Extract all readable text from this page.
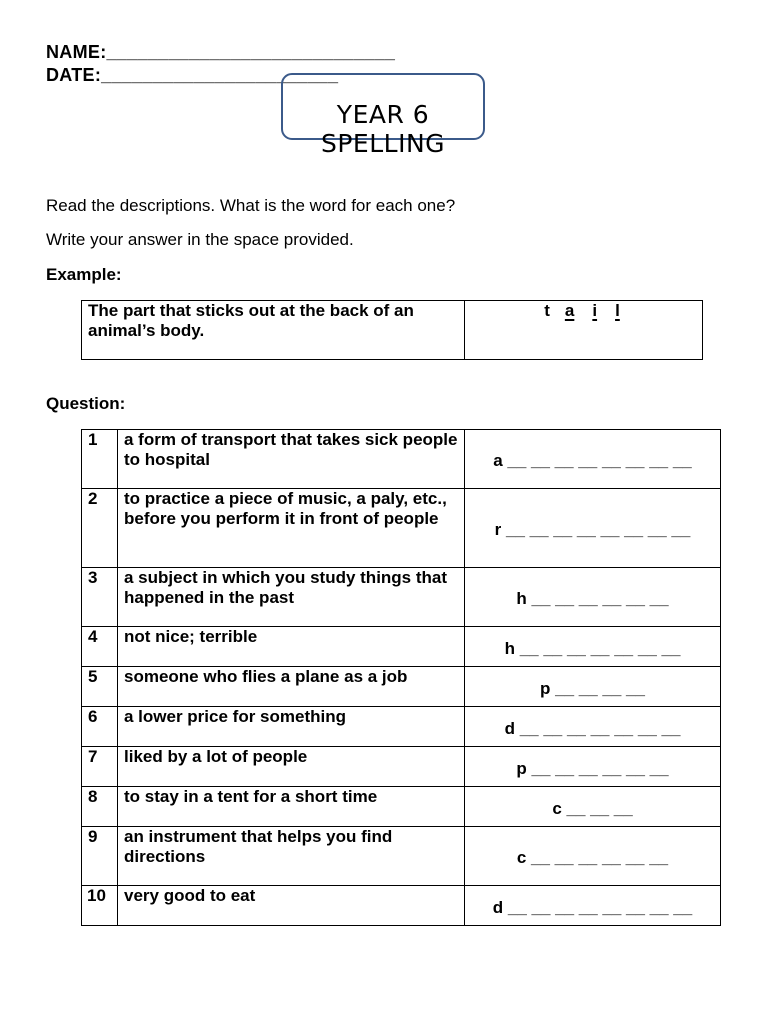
NAME:____________________________
DATE:_______________________
YEAR 6 SPELLING
Read the descriptions. What is the word for each one?
Write your answer in the space provided.
Example:
The part that sticks out at the back of an animal’s body.	t a i l
Question:
1	a form of transport that takes sick people to hospital	a __ __ __ __ __ __ __ __
2	to practice a piece of music, a paly, etc., before you perform it in front of people	r __ __ __ __ __ __ __ __
3	a subject in which you study things that happened in the past	h __ __ __ __ __ __
4	not nice; terrible	h __ __ __ __ __ __ __
5	someone who flies a plane as a job	p __ __ __ __
6	a lower price for something	d __ __ __ __ __ __ __
7	liked by a lot of people	p __ __ __ __ __ __
8	to stay in a tent for a short time	c __ __ __
9	an instrument that helps you find directions	c __ __ __ __ __ __
10	very good to eat	d __ __ __ __ __ __ __ __
